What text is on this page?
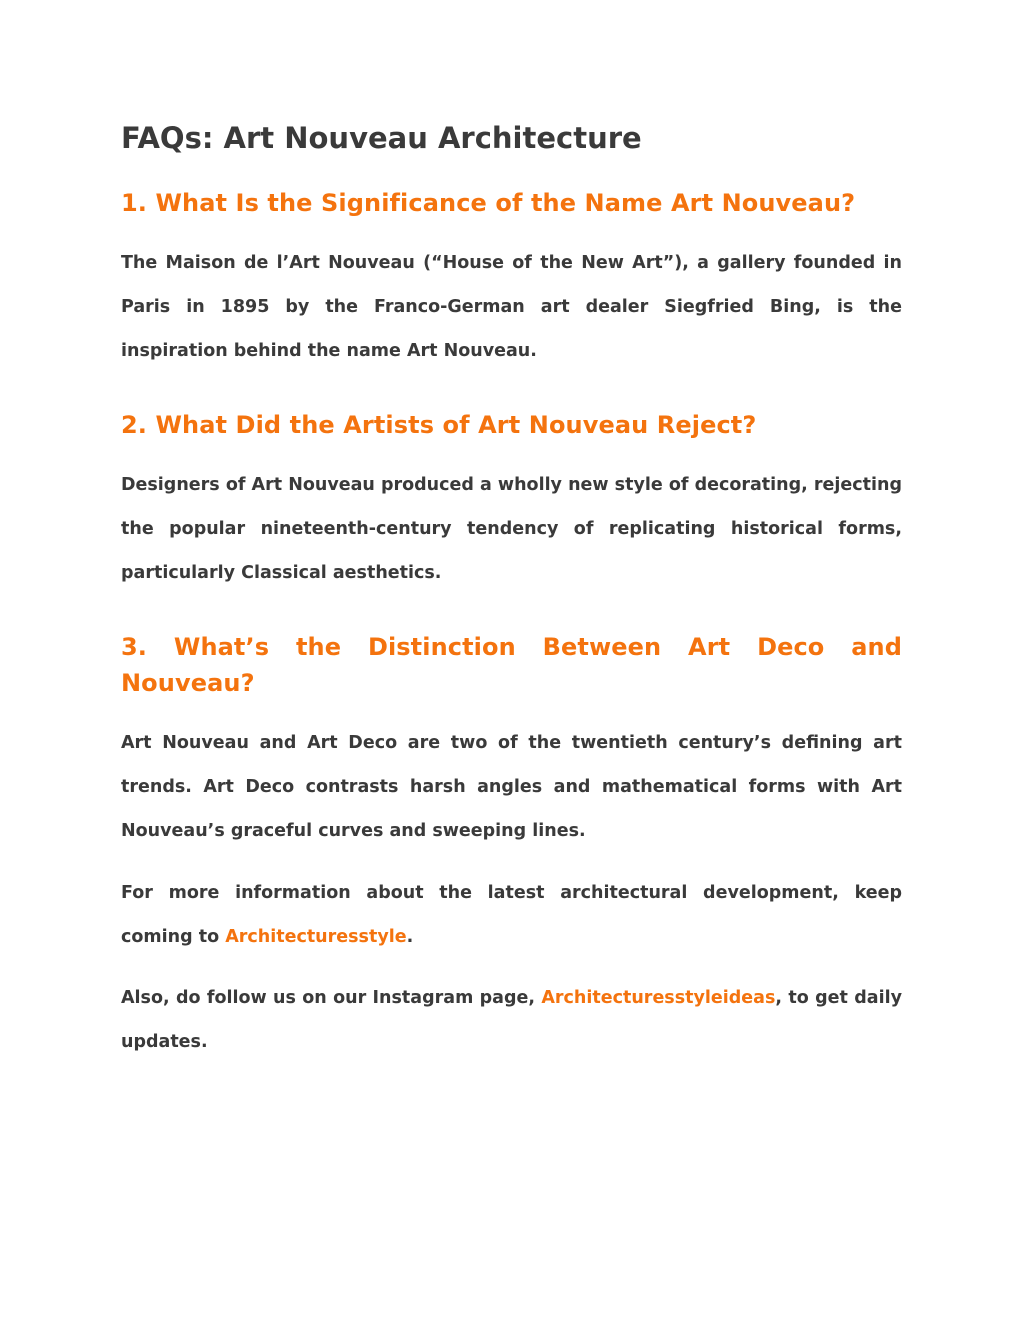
FAQs: Art Nouveau Architecture
1. What Is the Significance of the Name Art Nouveau?

The Maison de l’Art Nouveau (“House of the New Art”), a gallery founded in Paris in 1895 by the Franco-German art dealer Siegfried Bing, is the inspiration behind the name Art Nouveau.

2. What Did the Artists of Art Nouveau Reject?

Designers of Art Nouveau produced a wholly new style of decorating, rejecting the popular nineteenth-century tendency of replicating historical forms, particularly Classical aesthetics.

3. What’s the Distinction Between Art Deco and Nouveau?

Art Nouveau and Art Deco are two of the twentieth century’s defining art trends. Art Deco contrasts harsh angles and mathematical forms with Art Nouveau’s graceful curves and sweeping lines.

For more information about the latest architectural development, keep coming to Architecturesstyle.

Also, do follow us on our Instagram page, Architecturesstyleideas, to get daily updates.
